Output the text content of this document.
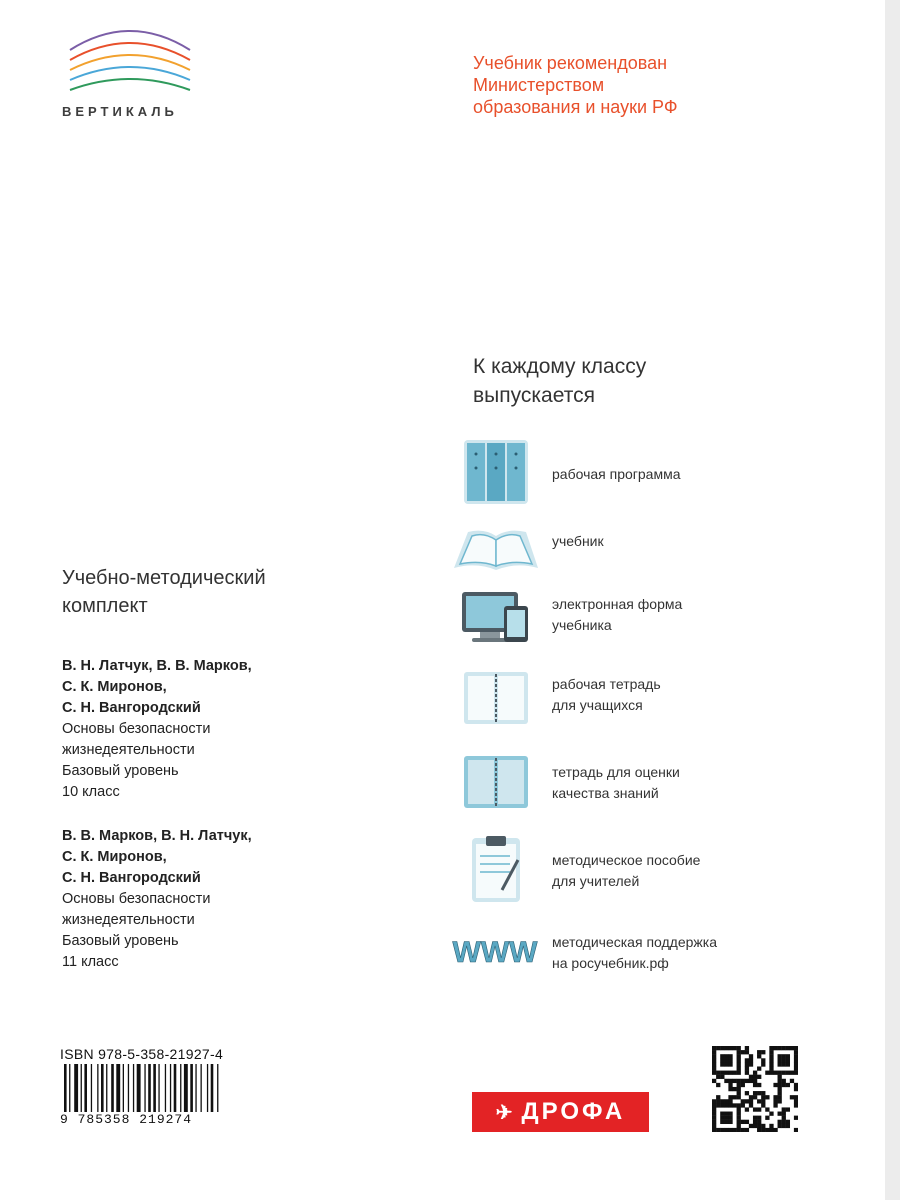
ВЕРТИКАЛЬ
Учебник рекомендован
Министерством
образования и науки РФ
К каждому классу
выпускается
рабочая программа
учебник
электронная форма
учебника
рабочая тетрадь
для учащихся
тетрадь для оценки
качества знаний
методическое пособие
для учителей
WWW методическая поддержка
на росучебник.рф
Учебно-методический
комплект
В. Н. Латчук, В. В. Марков,
С. К. Миронов,
С. Н. Вангородский
Основы безопасности
жизнедеятельности
Базовый уровень
10 класс
В. В. Марков, В. Н. Латчук,
С. К. Миронов,
С. Н. Вангородский
Основы безопасности
жизнедеятельности
Базовый уровень
11 класс
ISBN 978-5-358-21927-4
9 785358 219274	✈ ДРОФА
